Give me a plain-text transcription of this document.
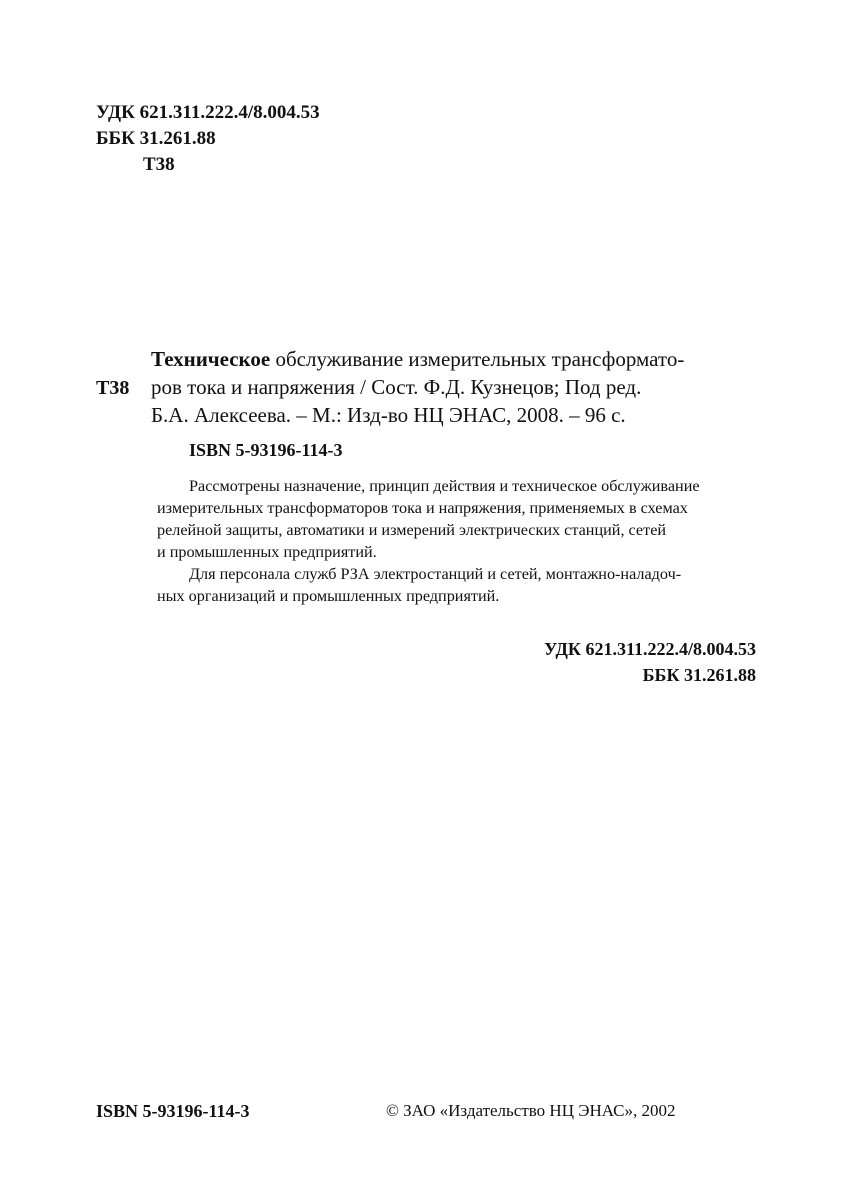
УДК 621.311.222.4/8.004.53
ББК 31.261.88
Т38
Т38
Техническое обслуживание измерительных трансформато-
ров тока и напряжения / Сост. Ф.Д. Кузнецов; Под ред.
Б.А. Алексеева. – М.: Изд-во НЦ ЭНАС, 2008. – 96 с.
ISBN 5-93196-114-3
Рассмотрены назначение, принцип действия и техническое обслуживание
измерительных трансформаторов тока и напряжения, применяемых в схемах
релейной защиты, автоматики и измерений электрических станций, сетей
и промышленных предприятий.
Для персонала служб РЗА электростанций и сетей, монтажно-наладоч-
ных организаций и промышленных предприятий.
УДК 621.311.222.4/8.004.53
ББК 31.261.88
ISBN 5-93196-114-3	© ЗАО «Издательство НЦ ЭНАС», 2002
